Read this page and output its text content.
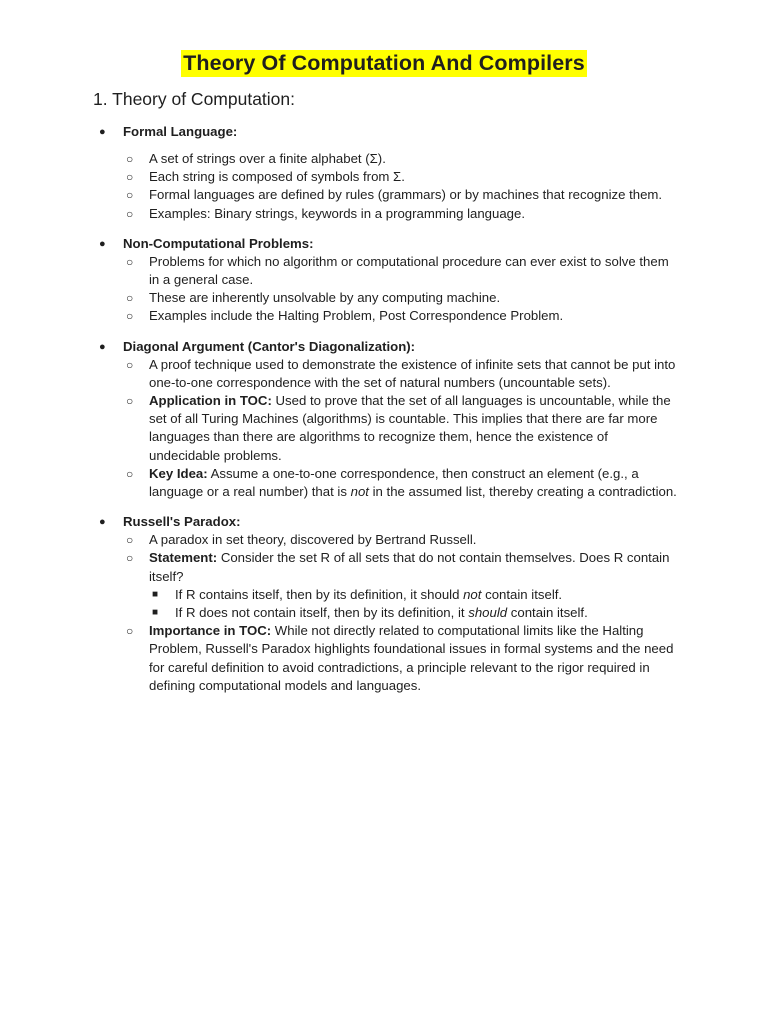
Theory Of Computation And Compilers
1. Theory of Computation:
● Formal Language:
○ A set of strings over a finite alphabet (Σ).
○ Each string is composed of symbols from Σ.
○ Formal languages are defined by rules (grammars) or by machines that recognize them.
○ Examples: Binary strings, keywords in a programming language.
● Non-Computational Problems:
○ Problems for which no algorithm or computational procedure can ever exist to solve them in a general case.
○ These are inherently unsolvable by any computing machine.
○ Examples include the Halting Problem, Post Correspondence Problem.
● Diagonal Argument (Cantor's Diagonalization):
○ A proof technique used to demonstrate the existence of infinite sets that cannot be put into one-to-one correspondence with the set of natural numbers (uncountable sets).
○ Application in TOC: Used to prove that the set of all languages is uncountable, while the set of all Turing Machines (algorithms) is countable. This implies that there are far more languages than there are algorithms to recognize them, hence the existence of undecidable problems.
○ Key Idea: Assume a one-to-one correspondence, then construct an element (e.g., a language or a real number) that is not in the assumed list, thereby creating a contradiction.
● Russell's Paradox:
○ A paradox in set theory, discovered by Bertrand Russell.
○ Statement: Consider the set R of all sets that do not contain themselves. Does R contain itself?
■ If R contains itself, then by its definition, it should not contain itself.
■ If R does not contain itself, then by its definition, it should contain itself.
○ Importance in TOC: While not directly related to computational limits like the Halting Problem, Russell's Paradox highlights foundational issues in formal systems and the need for careful definition to avoid contradictions, a principle relevant to the rigor required in defining computational models and languages.
